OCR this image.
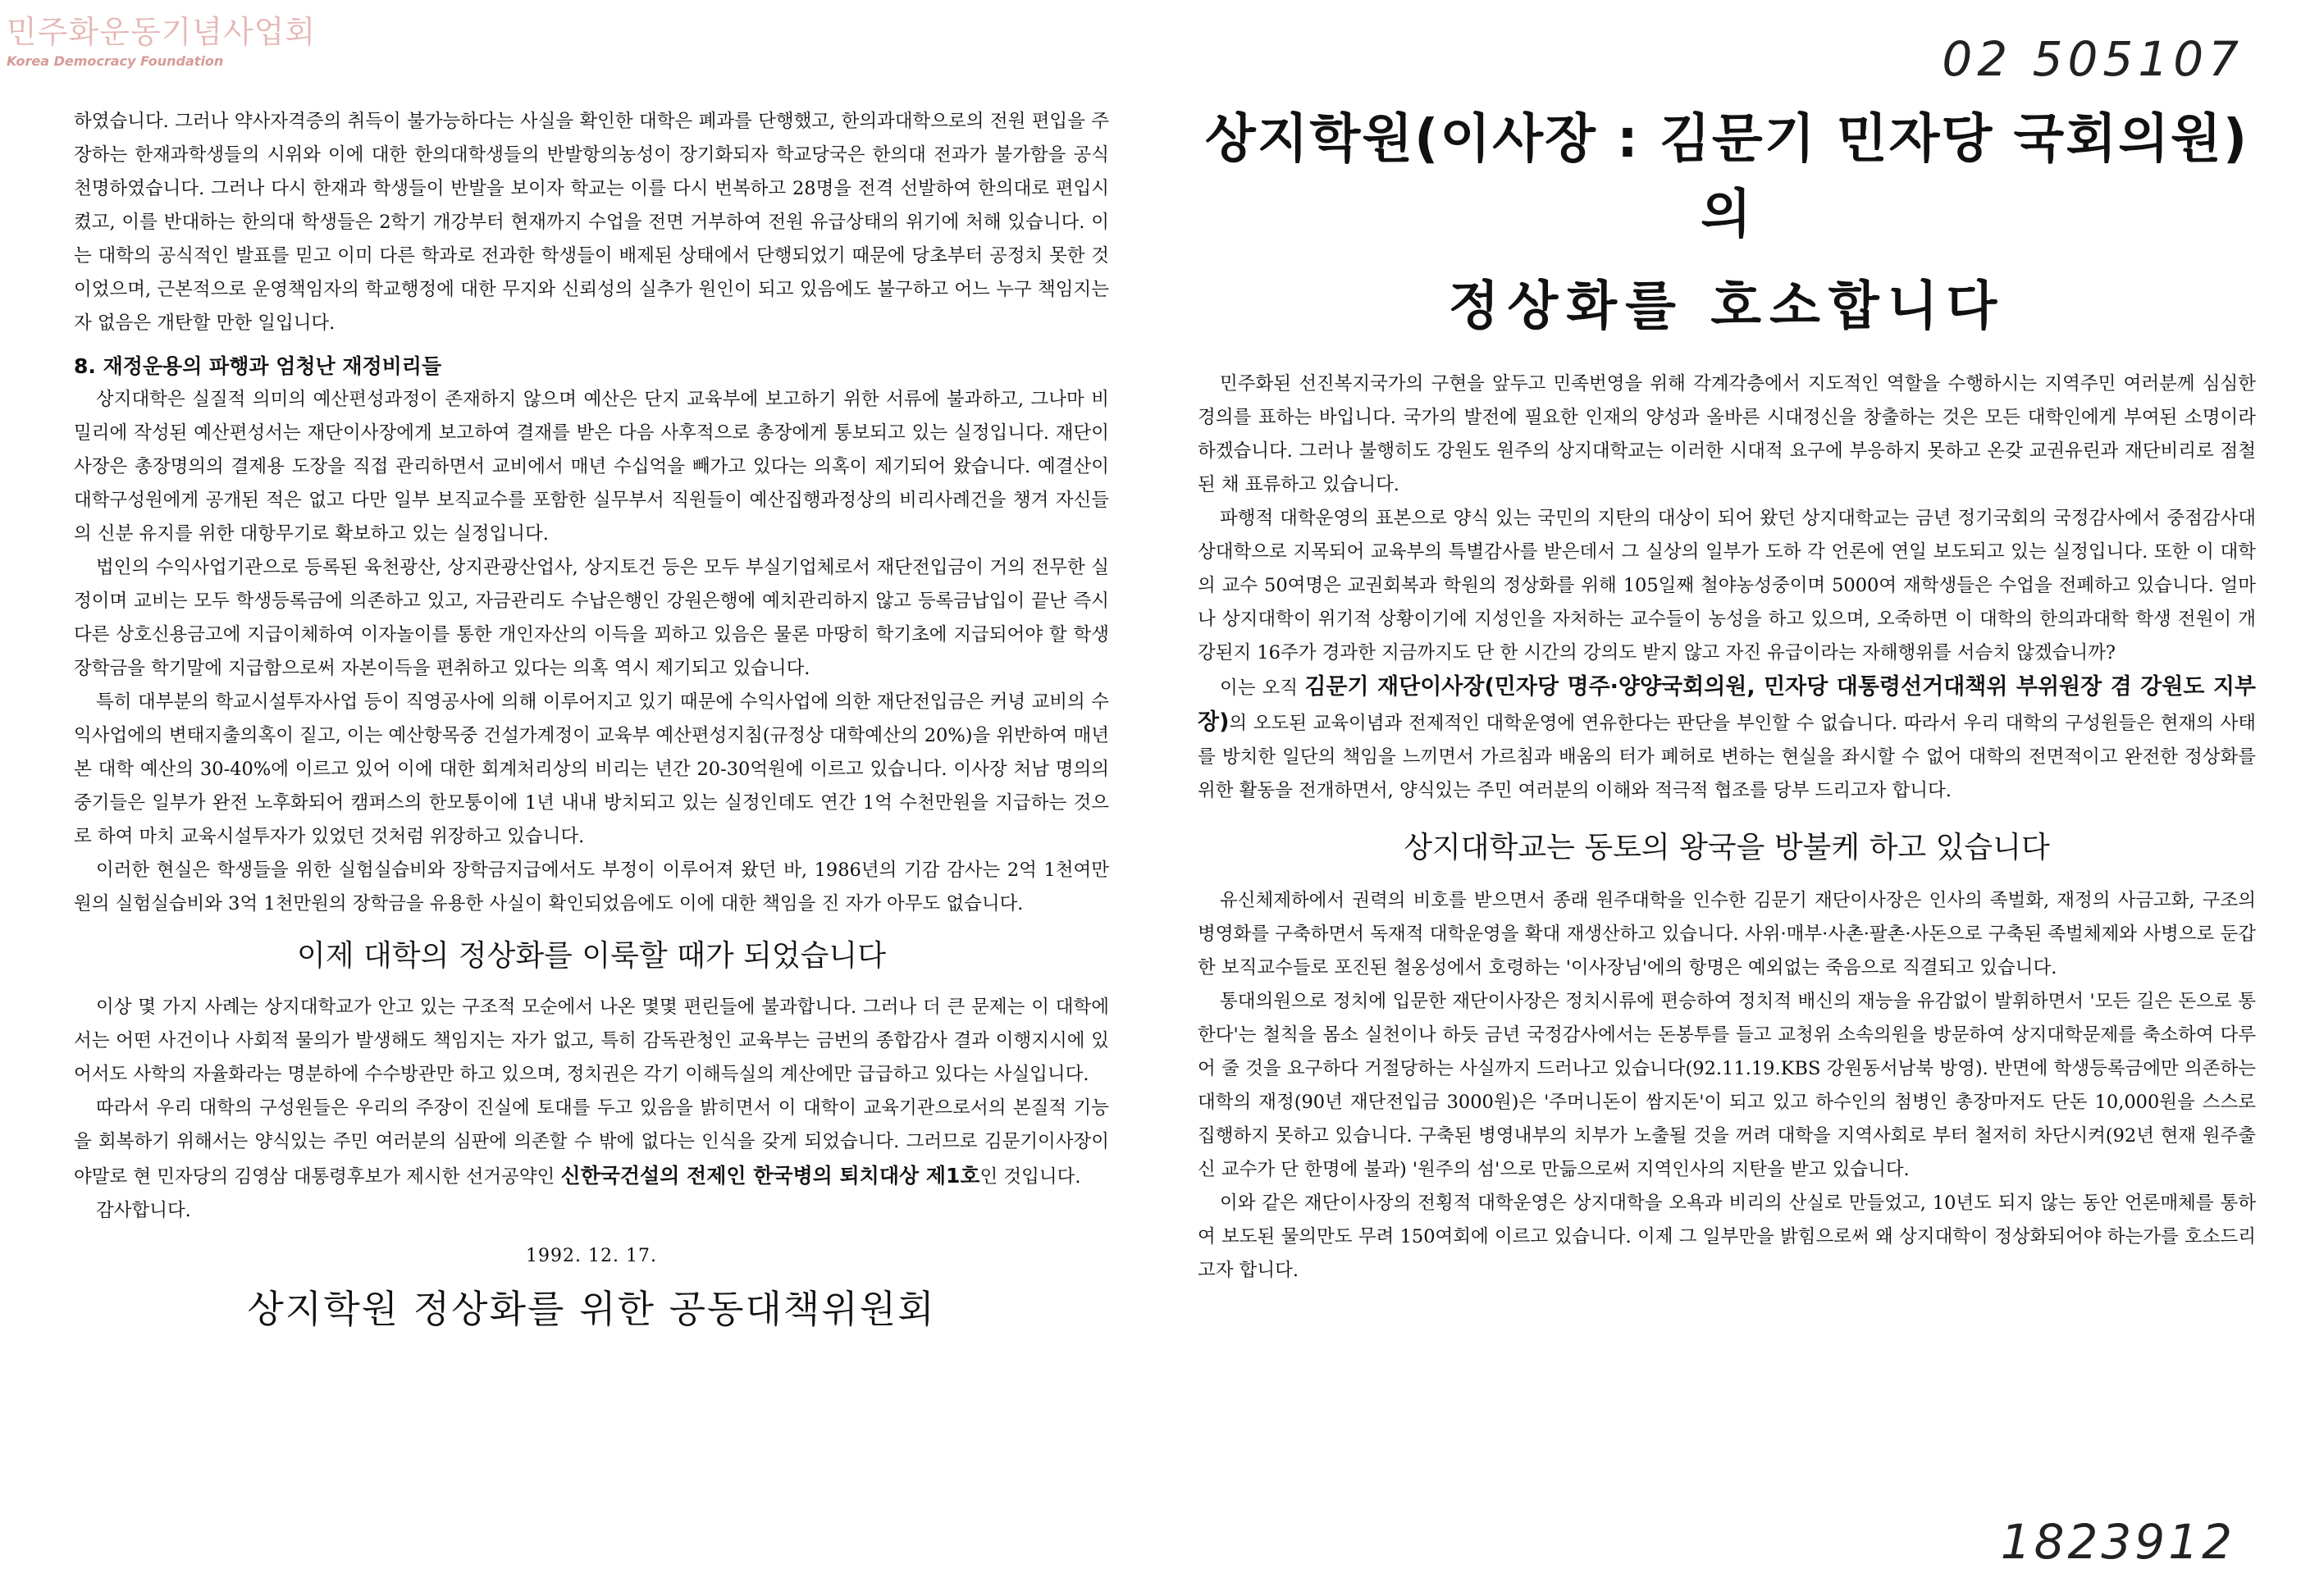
민주화운동기념사업회
Korea Democracy Foundation	02 505107
1823912

하였습니다. 그러나 약사자격증의 취득이 불가능하다는 사실을 확인한 대학은 폐과를 단행했고, 한의과대학으로의 전원 편입을 주장하는 한재과학생들의 시위와 이에 대한 한의대학생들의 반발항의농성이 장기화되자 학교당국은 한의대 전과가 불가함을 공식 천명하였습니다. 그러나 다시 한재과 학생들이 반발을 보이자 학교는 이를 다시 번복하고 28명을 전격 선발하여 한의대로 편입시켰고, 이를 반대하는 한의대 학생들은 2학기 개강부터 현재까지 수업을 전면 거부하여 전원 유급상태의 위기에 처해 있습니다. 이는 대학의 공식적인 발표를 믿고 이미 다른 학과로 전과한 학생들이 배제된 상태에서 단행되었기 때문에 당초부터 공정치 못한 것이었으며, 근본적으로 운영책임자의 학교행정에 대한 무지와 신뢰성의 실추가 원인이 되고 있음에도 불구하고 어느 누구 책임지는 자 없음은 개탄할 만한 일입니다.

8. 재정운용의 파행과 엄청난 재정비리들

상지대학은 실질적 의미의 예산편성과정이 존재하지 않으며 예산은 단지 교육부에 보고하기 위한 서류에 불과하고, 그나마 비밀리에 작성된 예산편성서는 재단이사장에게 보고하여 결재를 받은 다음 사후적으로 총장에게 통보되고 있는 실정입니다. 재단이사장은 총장명의의 결제용 도장을 직접 관리하면서 교비에서 매년 수십억을 빼가고 있다는 의혹이 제기되어 왔습니다. 예결산이 대학구성원에게 공개된 적은 없고 다만 일부 보직교수를 포함한 실무부서 직원들이 예산집행과정상의 비리사례건을 챙겨 자신들의 신분 유지를 위한 대항무기로 확보하고 있는 실정입니다.

법인의 수익사업기관으로 등록된 육천광산, 상지관광산업사, 상지토건 등은 모두 부실기업체로서 재단전입금이 거의 전무한 실정이며 교비는 모두 학생등록금에 의존하고 있고, 자금관리도 수납은행인 강원은행에 예치관리하지 않고 등록금납입이 끝난 즉시 다른 상호신용금고에 지급이체하여 이자놀이를 통한 개인자산의 이득을 꾀하고 있음은 물론 마땅히 학기초에 지급되어야 할 학생장학금을 학기말에 지급함으로써 자본이득을 편취하고 있다는 의혹 역시 제기되고 있습니다.

특히 대부분의 학교시설투자사업 등이 직영공사에 의해 이루어지고 있기 때문에 수익사업에 의한 재단전입금은 커녕 교비의 수익사업에의 변태지출의혹이 짙고, 이는 예산항목중 건설가계정이 교육부 예산편성지침(규정상 대학예산의 20%)을 위반하여 매년 본 대학 예산의 30-40%에 이르고 있어 이에 대한 회계처리상의 비리는 년간 20-30억원에 이르고 있습니다. 이사장 처남 명의의 중기들은 일부가 완전 노후화되어 캠퍼스의 한모퉁이에 1년 내내 방치되고 있는 실정인데도 연간 1억 수천만원을 지급하는 것으로 하여 마치 교육시설투자가 있었던 것처럼 위장하고 있습니다.

이러한 현실은 학생들을 위한 실험실습비와 장학금지급에서도 부정이 이루어져 왔던 바, 1986년의 기감 감사는 2억 1천여만원의 실험실습비와 3억 1천만원의 장학금을 유용한 사실이 확인되었음에도 이에 대한 책임을 진 자가 아무도 없습니다.

이제 대학의 정상화를 이룩할 때가 되었습니다

이상 몇 가지 사례는 상지대학교가 안고 있는 구조적 모순에서 나온 몇몇 편린들에 불과합니다. 그러나 더 큰 문제는 이 대학에서는 어떤 사건이나 사회적 물의가 발생해도 책임지는 자가 없고, 특히 감독관청인 교육부는 금번의 종합감사 결과 이행지시에 있어서도 사학의 자율화라는 명분하에 수수방관만 하고 있으며, 정치권은 각기 이해득실의 계산에만 급급하고 있다는 사실입니다.

따라서 우리 대학의 구성원들은 우리의 주장이 진실에 토대를 두고 있음을 밝히면서 이 대학이 교육기관으로서의 본질적 기능을 회복하기 위해서는 양식있는 주민 여러분의 심판에 의존할 수 밖에 없다는 인식을 갖게 되었습니다. 그러므로 김문기이사장이야말로 현 민자당의 김영삼 대통령후보가 제시한 선거공약인 신한국건설의 전제인 한국병의 퇴치대상 제1호인 것입니다.

감사합니다.

1992. 12. 17.
상지학원 정상화를 위한 공동대책위원회
상지학원(이사장 : 김문기 민자당 국회의원)의
정상화를 호소합니다

민주화된 선진복지국가의 구현을 앞두고 민족번영을 위해 각계각층에서 지도적인 역할을 수행하시는 지역주민 여러분께 심심한 경의를 표하는 바입니다. 국가의 발전에 필요한 인재의 양성과 올바른 시대정신을 창출하는 것은 모든 대학인에게 부여된 소명이라 하겠습니다. 그러나 불행히도 강원도 원주의 상지대학교는 이러한 시대적 요구에 부응하지 못하고 온갖 교권유린과 재단비리로 점철된 채 표류하고 있습니다.

파행적 대학운영의 표본으로 양식 있는 국민의 지탄의 대상이 되어 왔던 상지대학교는 금년 정기국회의 국정감사에서 중점감사대상대학으로 지목되어 교육부의 특별감사를 받은데서 그 실상의 일부가 도하 각 언론에 연일 보도되고 있는 실정입니다. 또한 이 대학의 교수 50여명은 교권회복과 학원의 정상화를 위해 105일째 철야농성중이며 5000여 재학생들은 수업을 전폐하고 있습니다. 얼마나 상지대학이 위기적 상황이기에 지성인을 자처하는 교수들이 농성을 하고 있으며, 오죽하면 이 대학의 한의과대학 학생 전원이 개강된지 16주가 경과한 지금까지도 단 한 시간의 강의도 받지 않고 자진 유급이라는 자해행위를 서슴치 않겠습니까?

이는 오직 김문기 재단이사장(민자당 명주·양양국회의원, 민자당 대통령선거대책위 부위원장 겸 강원도 지부장)의 오도된 교육이념과 전제적인 대학운영에 연유한다는 판단을 부인할 수 없습니다. 따라서 우리 대학의 구성원들은 현재의 사태를 방치한 일단의 책임을 느끼면서 가르침과 배움의 터가 폐허로 변하는 현실을 좌시할 수 없어 대학의 전면적이고 완전한 정상화를 위한 활동을 전개하면서, 양식있는 주민 여러분의 이해와 적극적 협조를 당부 드리고자 합니다.

상지대학교는 동토의 왕국을 방불케 하고 있습니다

유신체제하에서 권력의 비호를 받으면서 종래 원주대학을 인수한 김문기 재단이사장은 인사의 족벌화, 재정의 사금고화, 구조의 병영화를 구축하면서 독재적 대학운영을 확대 재생산하고 있습니다. 사위·매부·사촌·팔촌·사돈으로 구축된 족벌체제와 사병으로 둔갑한 보직교수들로 포진된 철옹성에서 호령하는 '이사장님'에의 항명은 예외없는 죽음으로 직결되고 있습니다.

통대의원으로 정치에 입문한 재단이사장은 정치시류에 편승하여 정치적 배신의 재능을 유감없이 발휘하면서 '모든 길은 돈으로 통한다'는 철칙을 몸소 실천이나 하듯 금년 국정감사에서는 돈봉투를 들고 교청위 소속의원을 방문하여 상지대학문제를 축소하여 다루어 줄 것을 요구하다 거절당하는 사실까지 드러나고 있습니다(92.11.19.KBS 강원동서남북 방영). 반면에 학생등록금에만 의존하는 대학의 재정(90년 재단전입금 3000원)은 '주머니돈이 쌈지돈'이 되고 있고 하수인의 첨병인 총장마저도 단돈 10,000원을 스스로 집행하지 못하고 있습니다. 구축된 병영내부의 치부가 노출될 것을 꺼려 대학을 지역사회로 부터 철저히 차단시켜(92년 현재 원주출신 교수가 단 한명에 불과) '원주의 섬'으로 만듦으로써 지역인사의 지탄을 받고 있습니다.

이와 같은 재단이사장의 전횡적 대학운영은 상지대학을 오욕과 비리의 산실로 만들었고, 10년도 되지 않는 동안 언론매체를 통하여 보도된 물의만도 무려 150여회에 이르고 있습니다. 이제 그 일부만을 밝힘으로써 왜 상지대학이 정상화되어야 하는가를 호소드리고자 합니다.
